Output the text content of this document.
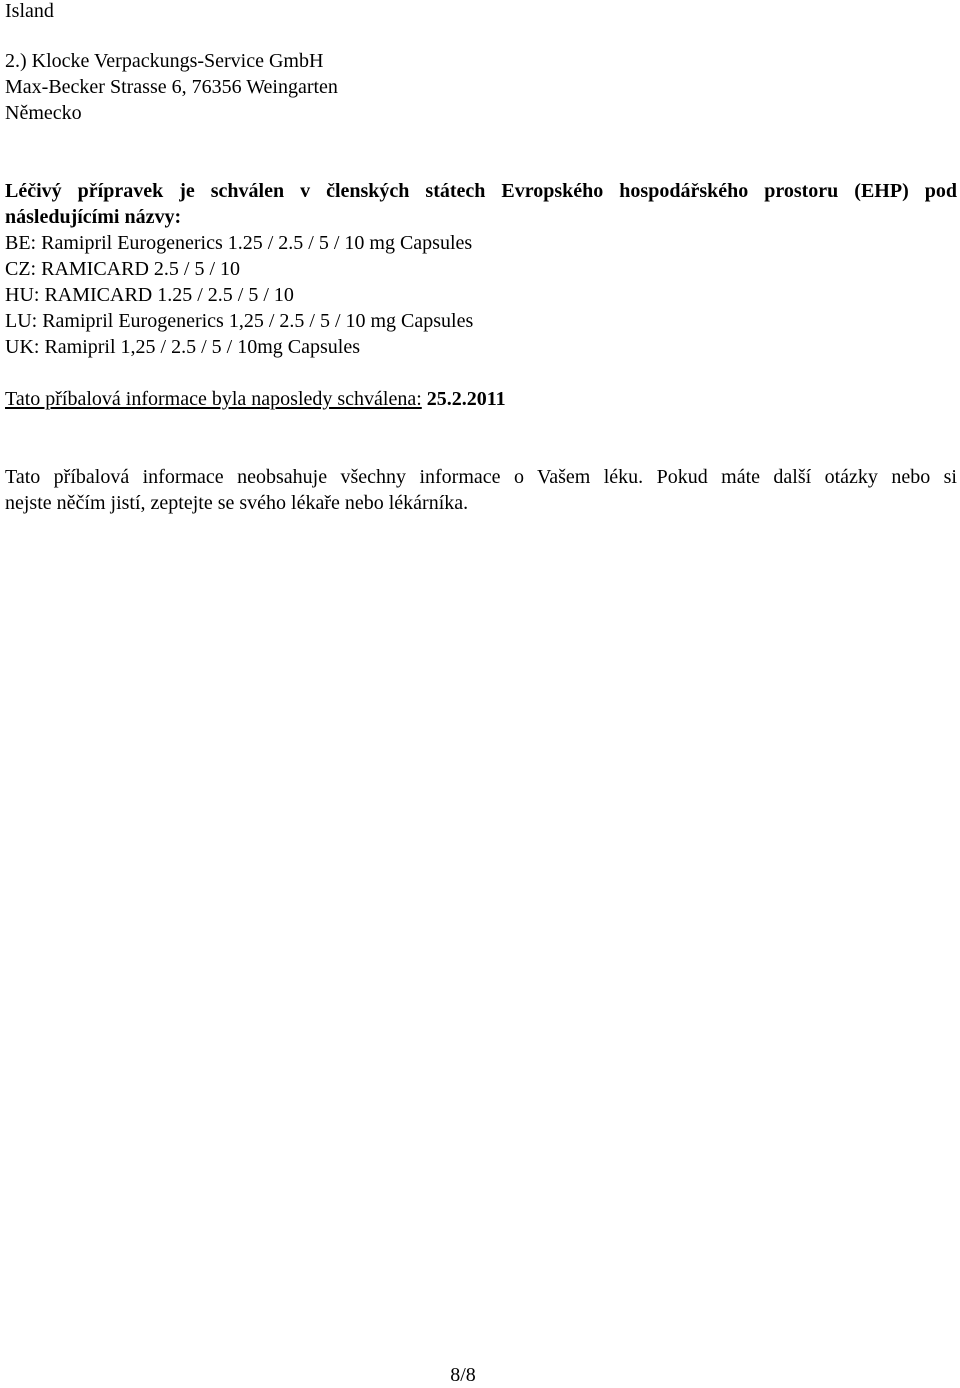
Island
2.) Klocke Verpackungs-Service GmbH
Max-Becker Strasse 6, 76356 Weingarten
Německo
Léčivý přípravek je schválen v členských státech Evropského hospodářského prostoru (EHP) pod
následujícími názvy:
BE: Ramipril Eurogenerics 1.25 / 2.5 / 5 / 10 mg Capsules
CZ: RAMICARD 2.5 / 5 / 10
HU: RAMICARD 1.25 / 2.5 / 5 / 10
LU: Ramipril Eurogenerics 1,25 / 2.5 / 5 / 10 mg Capsules
UK: Ramipril 1,25 / 2.5 / 5 / 10mg Capsules
Tato příbalová informace byla naposledy schválena: 25.2.2011
Tato příbalová informace neobsahuje všechny informace o Vašem léku. Pokud máte další otázky nebo si
nejste něčím jistí, zeptejte se svého lékaře nebo lékárníka.
8/8
